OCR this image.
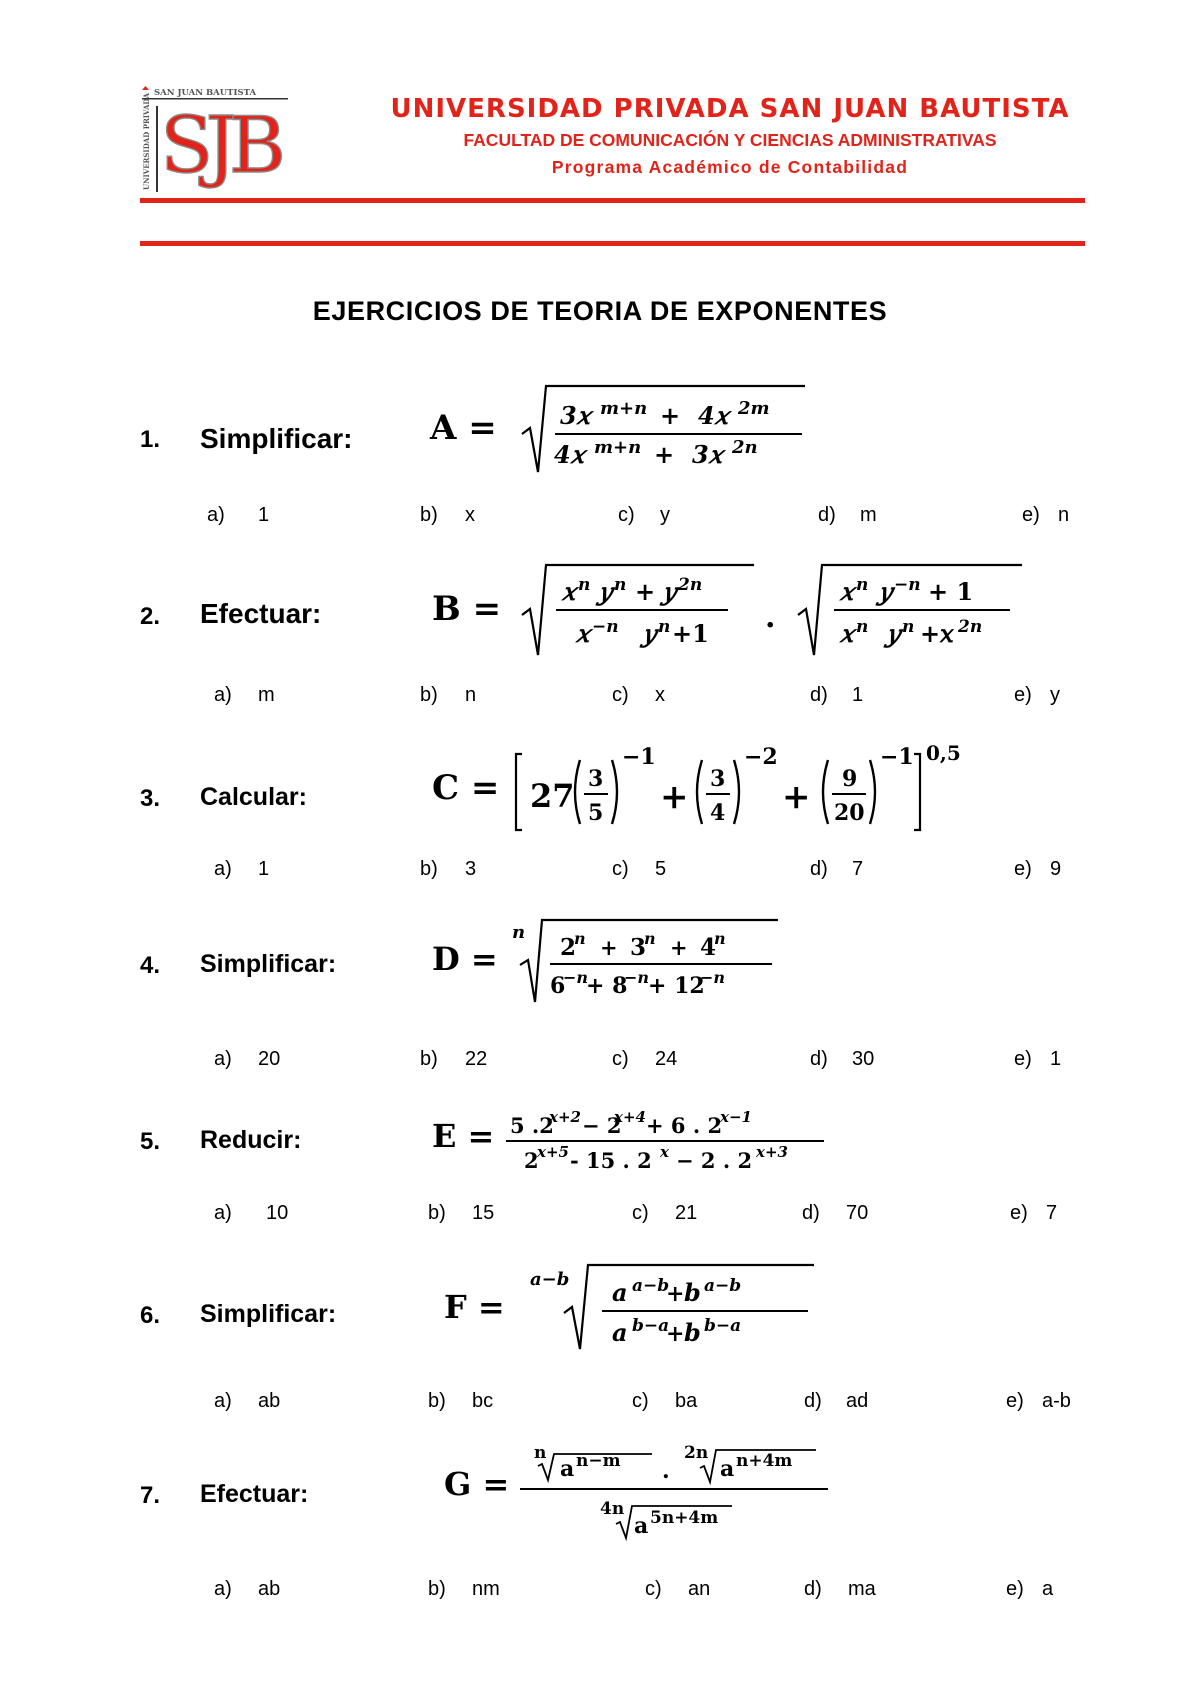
SAN JUAN BAUTISTA
UNIVERSIDAD PRIVADA SJB	UNIVERSIDAD PRIVADA SAN JUAN BAUTISTA
FACULTAD DE COMUNICACIÓN Y CIENCIAS ADMINISTRATIVAS
Programa Académico de Contabilidad
EJERCICIOS DE TEORIA DE EXPONENTES
1. Simplificar: A =	3𝑥 m+n + 4𝑥 2m
4𝑥 m+n + 3𝑥 2n
a) 1	b) x	c) y	d) m	e) n
2. Efectuar:	B =	𝑥 n 𝑦 n + 𝑦 2n
𝑥 −n 𝑦 n +1 .
𝑥 n 𝑦 −n + 1
𝑥 n 𝑦 n +𝑥 2n
a) m	b) n	c) x	d) 1	e) y
3. Calcular:	C = 27 3
5
−1
+ 3
4
−2
+ 9
20
−1 0,5
a) 1	b) 3	c) 5	d) 7	e) 9
4. Simplificar:	D =
n
2
n + 3
n + 4
n
6
−n
+ 8
−n
+ 12
−n
a) 20	b) 22	c) 24	d) 30	e) 1
5. Reducir:	E = 5 .2
x+2 − 2
x+4 + 6 . 2
x−1
2
x+5 - 15 . 2 x − 2 . 2 x+3
a) 10	b) 15	c) 21	d) 70	e) 7
6. Simplificar:	F =
a−b 𝒂 a−b
+ 𝒃 a−b
𝒂 b−a
+ 𝒃 b−a
a) ab	b) bc	c) ba	d) ad	e) a-b
7. Efectuar:	G =
n
a n−m .
2n
a n+4m
4n
a 5n+4m
a) ab	b) nm	c) an	d) ma	e) a
